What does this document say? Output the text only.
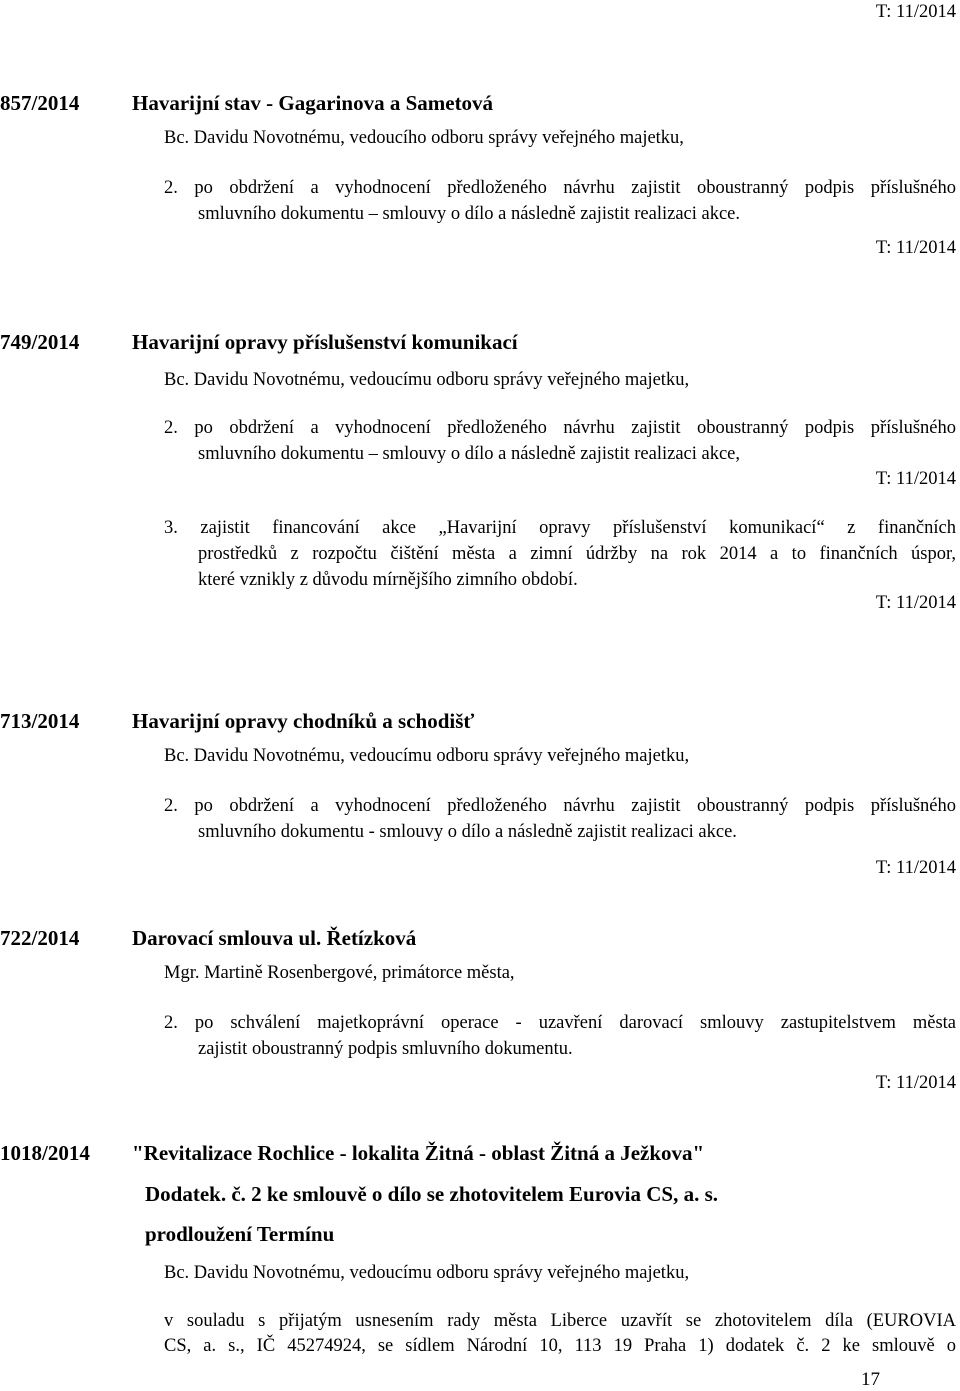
T: 11/2014
857/2014	Havarijní stav - Gagarinova a Sametová
Bc. Davidu Novotnému, vedoucího odboru správy veřejného majetku,
2. po obdržení a vyhodnocení předloženého návrhu zajistit oboustranný podpis příslušného
smluvního dokumentu – smlouvy o dílo a následně zajistit realizaci akce.
T: 11/2014
749/2014	Havarijní opravy příslušenství komunikací
Bc. Davidu Novotnému, vedoucímu odboru správy veřejného majetku,
2. po obdržení a vyhodnocení předloženého návrhu zajistit oboustranný podpis příslušného
smluvního dokumentu – smlouvy o dílo a následně zajistit realizaci akce,
T: 11/2014
3. zajistit financování akce „Havarijní opravy příslušenství komunikací“ z finančních
prostředků z rozpočtu čištění města a zimní údržby na rok 2014 a to finančních úspor,
které vznikly z důvodu mírnějšího zimního období.
T: 11/2014
713/2014	Havarijní opravy chodníků a schodišť
Bc. Davidu Novotnému, vedoucímu odboru správy veřejného majetku,
2. po obdržení a vyhodnocení předloženého návrhu zajistit oboustranný podpis příslušného
smluvního dokumentu - smlouvy o dílo a následně zajistit realizaci akce.
T: 11/2014
722/2014	Darovací smlouva ul. Řetízková
Mgr. Martině Rosenbergové, primátorce města,
2. po schválení majetkoprávní operace - uzavření darovací smlouvy zastupitelstvem města
zajistit oboustranný podpis smluvního dokumentu.
T: 11/2014
1018/2014 "Revitalizace Rochlice - lokalita Žitná - oblast Žitná a Ježkova"
Dodatek. č. 2 ke smlouvě o dílo se zhotovitelem Eurovia CS, a. s.
prodloužení Termínu
Bc. Davidu Novotnému, vedoucímu odboru správy veřejného majetku,
v souladu s přijatým usnesením rady města Liberce uzavřít se zhotovitelem díla (EUROVIA
CS, a. s., IČ 45274924, se sídlem Národní 10, 113 19 Praha 1) dodatek č. 2 ke smlouvě o
17
